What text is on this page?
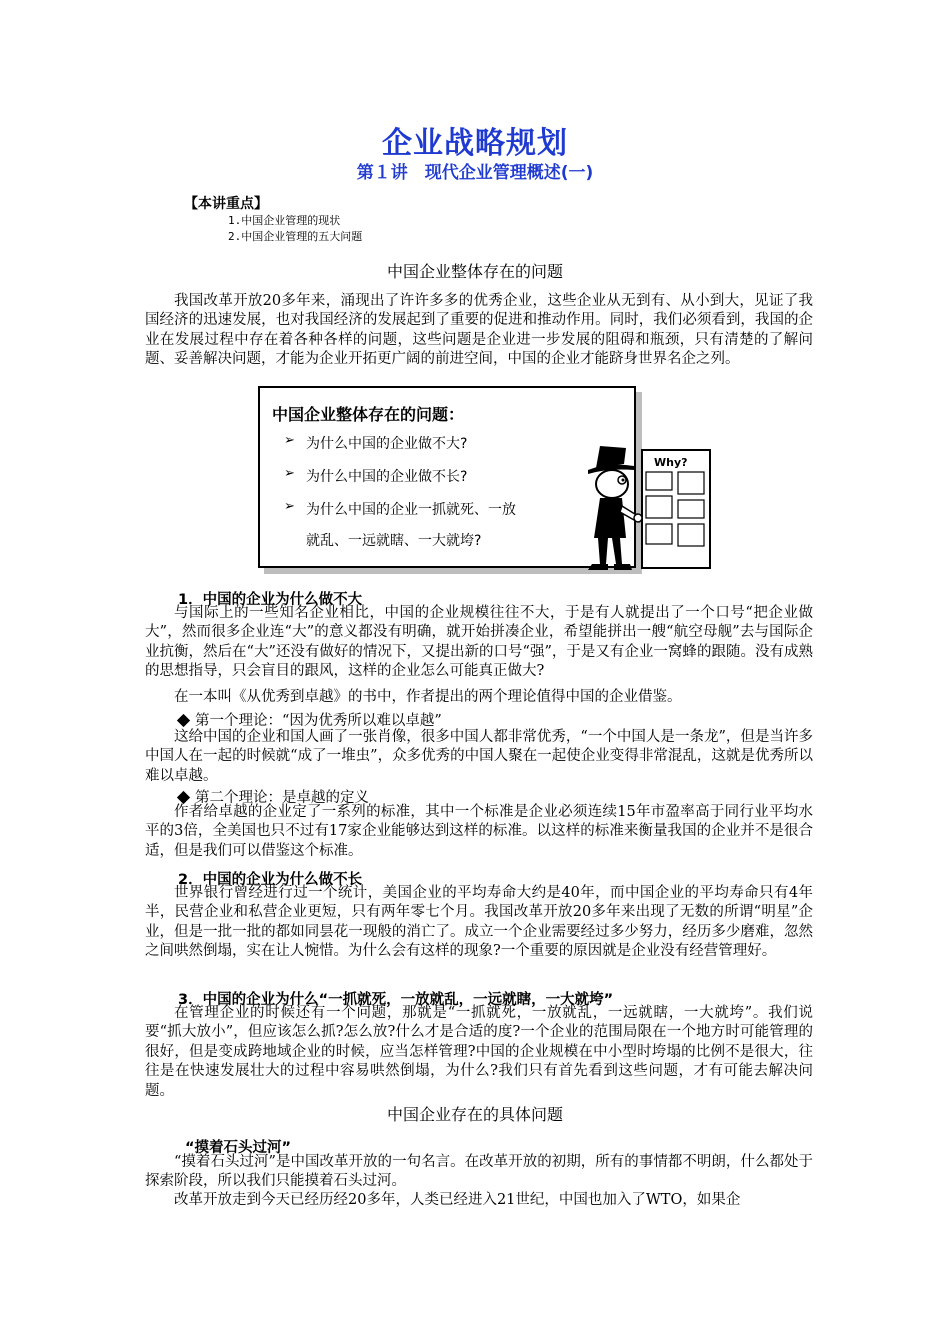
企业战略规划
第１讲　现代企业管理概述(一)
【本讲重点】
1.中国企业管理的现状
2.中国企业管理的五大问题
中国企业整体存在的问题

我国改革开放20多年来，涌现出了许许多多的优秀企业，这些企业从无到有、从小到大，见证了我国经济的迅速发展，也对我国经济的发展起到了重要的促进和推动作用。同时，我们必须看到，我国的企业在发展过程中存在着各种各样的问题，这些问题是企业进一步发展的阻碍和瓶颈，只有清楚的了解问题、妥善解决问题，才能为企业开拓更广阔的前进空间，中国的企业才能跻身世界名企之列。

中国企业整体存在的问题：
➢ 为什么中国的企业做不大?
➢ 为什么中国的企业做不长?
➢ 为什么中国的企业一抓就死、一放
就乱、一远就瞎、一大就垮?
Why?
1．中国的企业为什么做不大

与国际上的一些知名企业相比，中国的企业规模往往不大，于是有人就提出了一个口号“把企业做大”，然而很多企业连“大”的意义都没有明确，就开始拼凑企业，希望能拼出一艘“航空母舰”去与国际企业抗衡，然后在“大”还没有做好的情况下，又提出新的口号“强”，于是又有企业一窝蜂的跟随。没有成熟的思想指导，只会盲目的跟风，这样的企业怎么可能真正做大?

在一本叫《从优秀到卓越》的书中，作者提出的两个理论值得中国的企业借鉴。

第一个理论：“因为优秀所以难以卓越”

这给中国的企业和国人画了一张肖像，很多中国人都非常优秀，“一个中国人是一条龙”，但是当许多中国人在一起的时候就“成了一堆虫”，众多优秀的中国人聚在一起使企业变得非常混乱，这就是优秀所以难以卓越。

第二个理论：是卓越的定义

作者给卓越的企业定了一系列的标准，其中一个标准是企业必须连续15年市盈率高于同行业平均水平的3倍，全美国也只不过有17家企业能够达到这样的标准。以这样的标准来衡量我国的企业并不是很合适，但是我们可以借鉴这个标准。

2．中国的企业为什么做不长

世界银行曾经进行过一个统计，美国企业的平均寿命大约是40年，而中国企业的平均寿命只有4年半，民营企业和私营企业更短，只有两年零七个月。我国改革开放20多年来出现了无数的所谓“明星”企业，但是一批一批的都如同昙花一现般的消亡了。成立一个企业需要经过多少努力，经历多少磨难，忽然之间哄然倒塌，实在让人惋惜。为什么会有这样的现象?一个重要的原因就是企业没有经营管理好。

3．中国的企业为什么“一抓就死，一放就乱，一远就瞎，一大就垮”

在管理企业的时候还有一个问题，那就是“一抓就死，一放就乱，一远就瞎，一大就垮”。我们说要“抓大放小”，但应该怎么抓?怎么放?什么才是合适的度?一个企业的范围局限在一个地方时可能管理的很好，但是变成跨地域企业的时候，应当怎样管理?中国的企业规模在中小型时垮塌的比例不是很大，往往是在快速发展壮大的过程中容易哄然倒塌，为什么?我们只有首先看到这些问题，才有可能去解决问题。

中国企业存在的具体问题
“摸着石头过河”

“摸着石头过河”是中国改革开放的一句名言。在改革开放的初期，所有的事情都不明朗，什么都处于探索阶段，所以我们只能摸着石头过河。

改革开放走到今天已经历经20多年，人类已经进入21世纪，中国也加入了WTO，如果企
